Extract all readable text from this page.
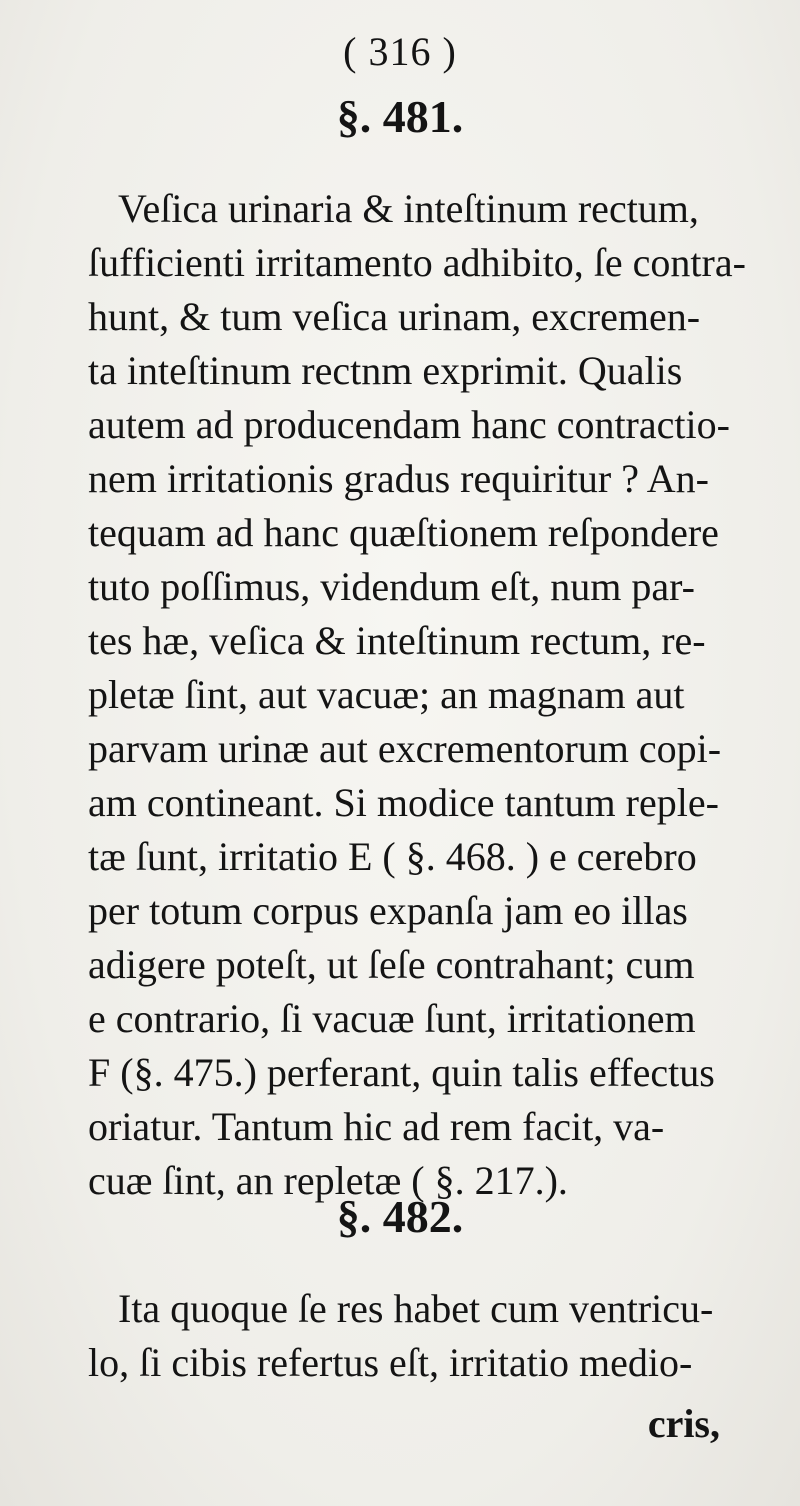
( 316 )
§. 481.
Veſica urinaria & inteſtinum rectum,
ſufficienti irritamento adhibito, ſe contra-
hunt, & tum veſica urinam, excremen-
ta inteſtinum rectnm exprimit. Qualis
autem ad producendam hanc contractio-
nem irritationis gradus requiritur ? An-
tequam ad hanc quæſtionem reſpondere
tuto poſſimus, videndum eſt, num par-
tes hæ, veſica & inteſtinum rectum, re-
pletæ ſint, aut vacuæ; an magnam aut
parvam urinæ aut excrementorum copi-
am contineant. Si modice tantum reple-
tæ ſunt, irritatio E ( §. 468. ) e cerebro
per totum corpus expanſa jam eo illas
adigere poteſt, ut ſeſe contrahant; cum
e contrario, ſi vacuæ ſunt, irritationem
F (§. 475.) perferant, quin talis effectus
oriatur. Tantum hic ad rem facit, va-
cuæ ſint, an repletæ ( §. 217.).
§. 482.
Ita quoque ſe res habet cum ventricu-
lo, ſi cibis refertus eſt, irritatio medio-
cris,
